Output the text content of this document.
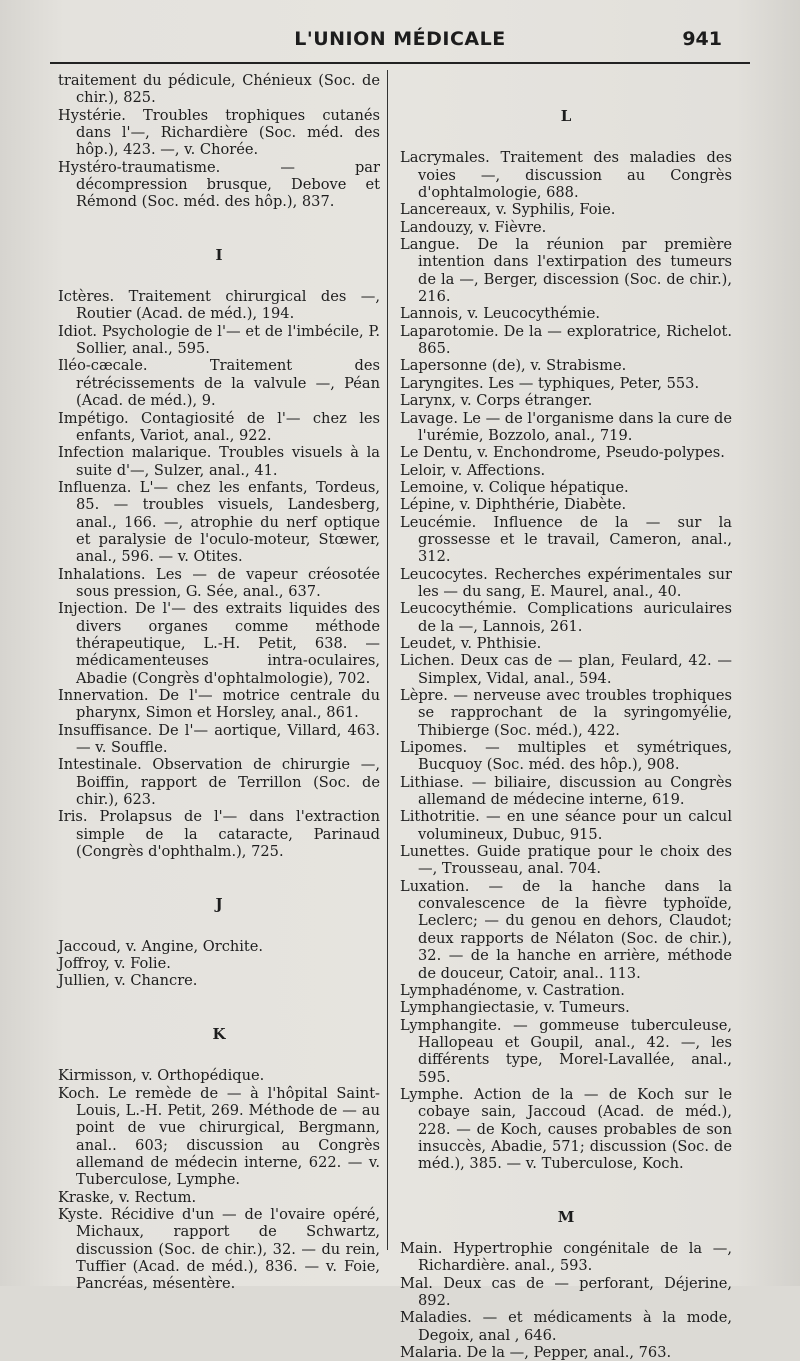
L'UNION MÉDICALE	941

traitement du pédicule, Chénieux (Soc. de chir.), 825.

Hystérie. Troubles trophiques cutanés dans l'—, Richardière (Soc. méd. des hôp.), 423. —, v. Chorée.

Hystéro-traumatisme. — par décompression brusque, Debove et Rémond (Soc. méd. des hôp.), 837.

I

Ictères. Traitement chirurgical des —, Routier (Acad. de méd.), 194.

Idiot. Psychologie de l'— et de l'imbécile, P. Sollier, anal., 595.

Iléo-cæcale. Traitement des rétrécissements de la valvule —, Péan (Acad. de méd.), 9.

Impétigo. Contagiosité de l'— chez les enfants, Variot, anal., 922.

Infection malarique. Troubles visuels à la suite d'—, Sulzer, anal., 41.

Influenza. L'— chez les enfants, Tordeus, 85. — troubles visuels, Landesberg, anal., 166. —, atrophie du nerf optique et paralysie de l'oculo-moteur, Stœwer, anal., 596. — v. Otites.

Inhalations. Les — de vapeur créosotée sous pression, G. Sée, anal., 637.

Injection. De l'— des extraits liquides des divers organes comme méthode thérapeutique, L.-H. Petit, 638. — médicamenteuses intra-oculaires, Abadie (Congrès d'ophtalmologie), 702.

Innervation. De l'— motrice centrale du pharynx, Simon et Horsley, anal., 861.

Insuffisance. De l'— aortique, Villard, 463. — v. Souffle.

Intestinale. Observation de chirurgie —, Boiffin, rapport de Terrillon (Soc. de chir.), 623.

Iris. Prolapsus de l'— dans l'extraction simple de la cataracte, Parinaud (Congrès d'ophthalm.), 725.

J

Jaccoud, v. Angine, Orchite.

Joffroy, v. Folie.

Jullien, v. Chancre.

K

Kirmisson, v. Orthopédique.

Koch. Le remède de — à l'hôpital Saint-Louis, L.-H. Petit, 269. Méthode de — au point de vue chirurgical, Bergmann, anal.. 603; discussion au Congrès allemand de médecin interne, 622. — v. Tuberculose, Lymphe.

Kraske, v. Rectum.

Kyste. Récidive d'un — de l'ovaire opéré, Michaux, rapport de Schwartz, discussion (Soc. de chir.), 32. — du rein, Tuffier (Acad. de méd.), 836. — v. Foie, Pancréas, mésentère.

L

Lacrymales. Traitement des maladies des voies —, discussion au Congrès d'ophtalmologie, 688.

Lancereaux, v. Syphilis, Foie.

Landouzy, v. Fièvre.

Langue. De la réunion par première intention dans l'extirpation des tumeurs de la —, Berger, discession (Soc. de chir.), 216.

Lannois, v. Leucocythémie.

Laparotomie. De la — exploratrice, Richelot. 865.

Lapersonne (de), v. Strabisme.

Laryngites. Les — typhiques, Peter, 553.

Larynx, v. Corps étranger.

Lavage. Le — de l'organisme dans la cure de l'urémie, Bozzolo, anal., 719.

Le Dentu, v. Enchondrome, Pseudo-polypes.

Leloir, v. Affections.

Lemoine, v. Colique hépatique.

Lépine, v. Diphthérie, Diabète.

Leucémie. Influence de la — sur la grossesse et le travail, Cameron, anal., 312.

Leucocytes. Recherches expérimentales sur les — du sang, E. Maurel, anal., 40.

Leucocythémie. Complications auriculaires de la —, Lannois, 261.

Leudet, v. Phthisie.

Lichen. Deux cas de — plan, Feulard, 42. — Simplex, Vidal, anal., 594.

Lèpre. — nerveuse avec troubles trophiques se rapprochant de la syringomyélie, Thibierge (Soc. méd.), 422.

Lipomes. — multiples et symétriques, Bucquoy (Soc. méd. des hôp.), 908.

Lithiase. — biliaire, discussion au Congrès allemand de médecine interne, 619.

Lithotritie. — en une séance pour un calcul volumineux, Dubuc, 915.

Lunettes. Guide pratique pour le choix des —, Trousseau, anal. 704.

Luxation. — de la hanche dans la convalescence de la fièvre typhoïde, Leclerc; — du genou en dehors, Claudot; deux rapports de Nélaton (Soc. de chir.), 32. — de la hanche en arrière, méthode de douceur, Catoir, anal.. 113.

Lymphadénome, v. Castration.

Lymphangiectasie, v. Tumeurs.

Lymphangite. — gommeuse tuberculeuse, Hallopeau et Goupil, anal., 42. —, les différents type, Morel-Lavallée, anal., 595.

Lymphe. Action de la — de Koch sur le cobaye sain, Jaccoud (Acad. de méd.), 228. — de Koch, causes probables de son insuccès, Abadie, 571; discussion (Soc. de méd.), 385. — v. Tuberculose, Koch.

M

Main. Hypertrophie congénitale de la —, Richardière. anal., 593.

Mal. Deux cas de — perforant, Déjerine, 892.

Maladies. — et médicaments à la mode, Degoix, anal , 646.

Malaria. De la —, Pepper, anal., 763.
